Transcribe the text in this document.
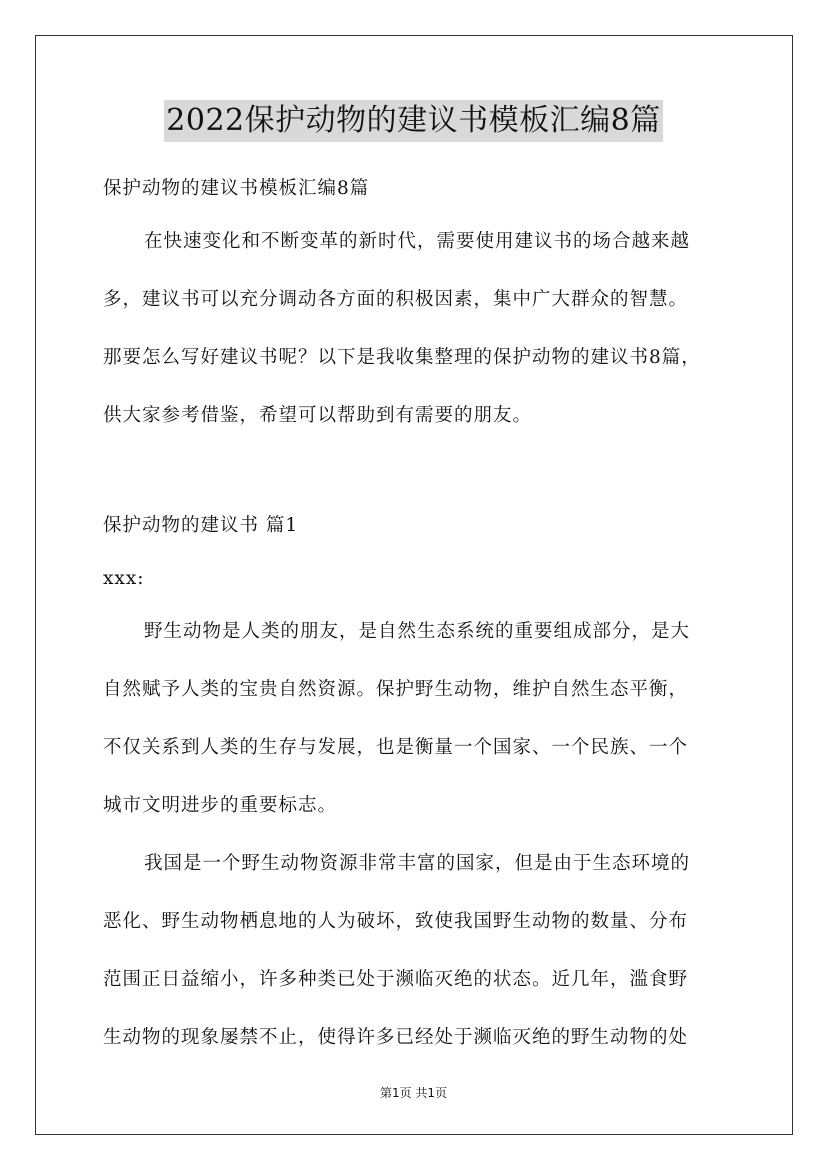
2022保护动物的建议书模板汇编8篇

保护动物的建议书模板汇编8篇

在快速变化和不断变革的新时代，需要使用建议书的场合越来越

多，建议书可以充分调动各方面的积极因素，集中广大群众的智慧。

那要怎么写好建议书呢？以下是我收集整理的保护动物的建议书8篇，

供大家参考借鉴，希望可以帮助到有需要的朋友。

保护动物的建议书 篇1

xxx:

野生动物是人类的朋友，是自然生态系统的重要组成部分，是大

自然赋予人类的宝贵自然资源。保护野生动物，维护自然生态平衡，

不仅关系到人类的生存与发展，也是衡量一个国家、一个民族、一个

城市文明进步的重要标志。

我国是一个野生动物资源非常丰富的国家，但是由于生态环境的

恶化、野生动物栖息地的人为破坏，致使我国野生动物的数量、分布

范围正日益缩小，许多种类已处于濒临灭绝的状态。近几年，滥食野

生动物的现象屡禁不止，使得许多已经处于濒临灭绝的野生动物的处

第1页 共1页
